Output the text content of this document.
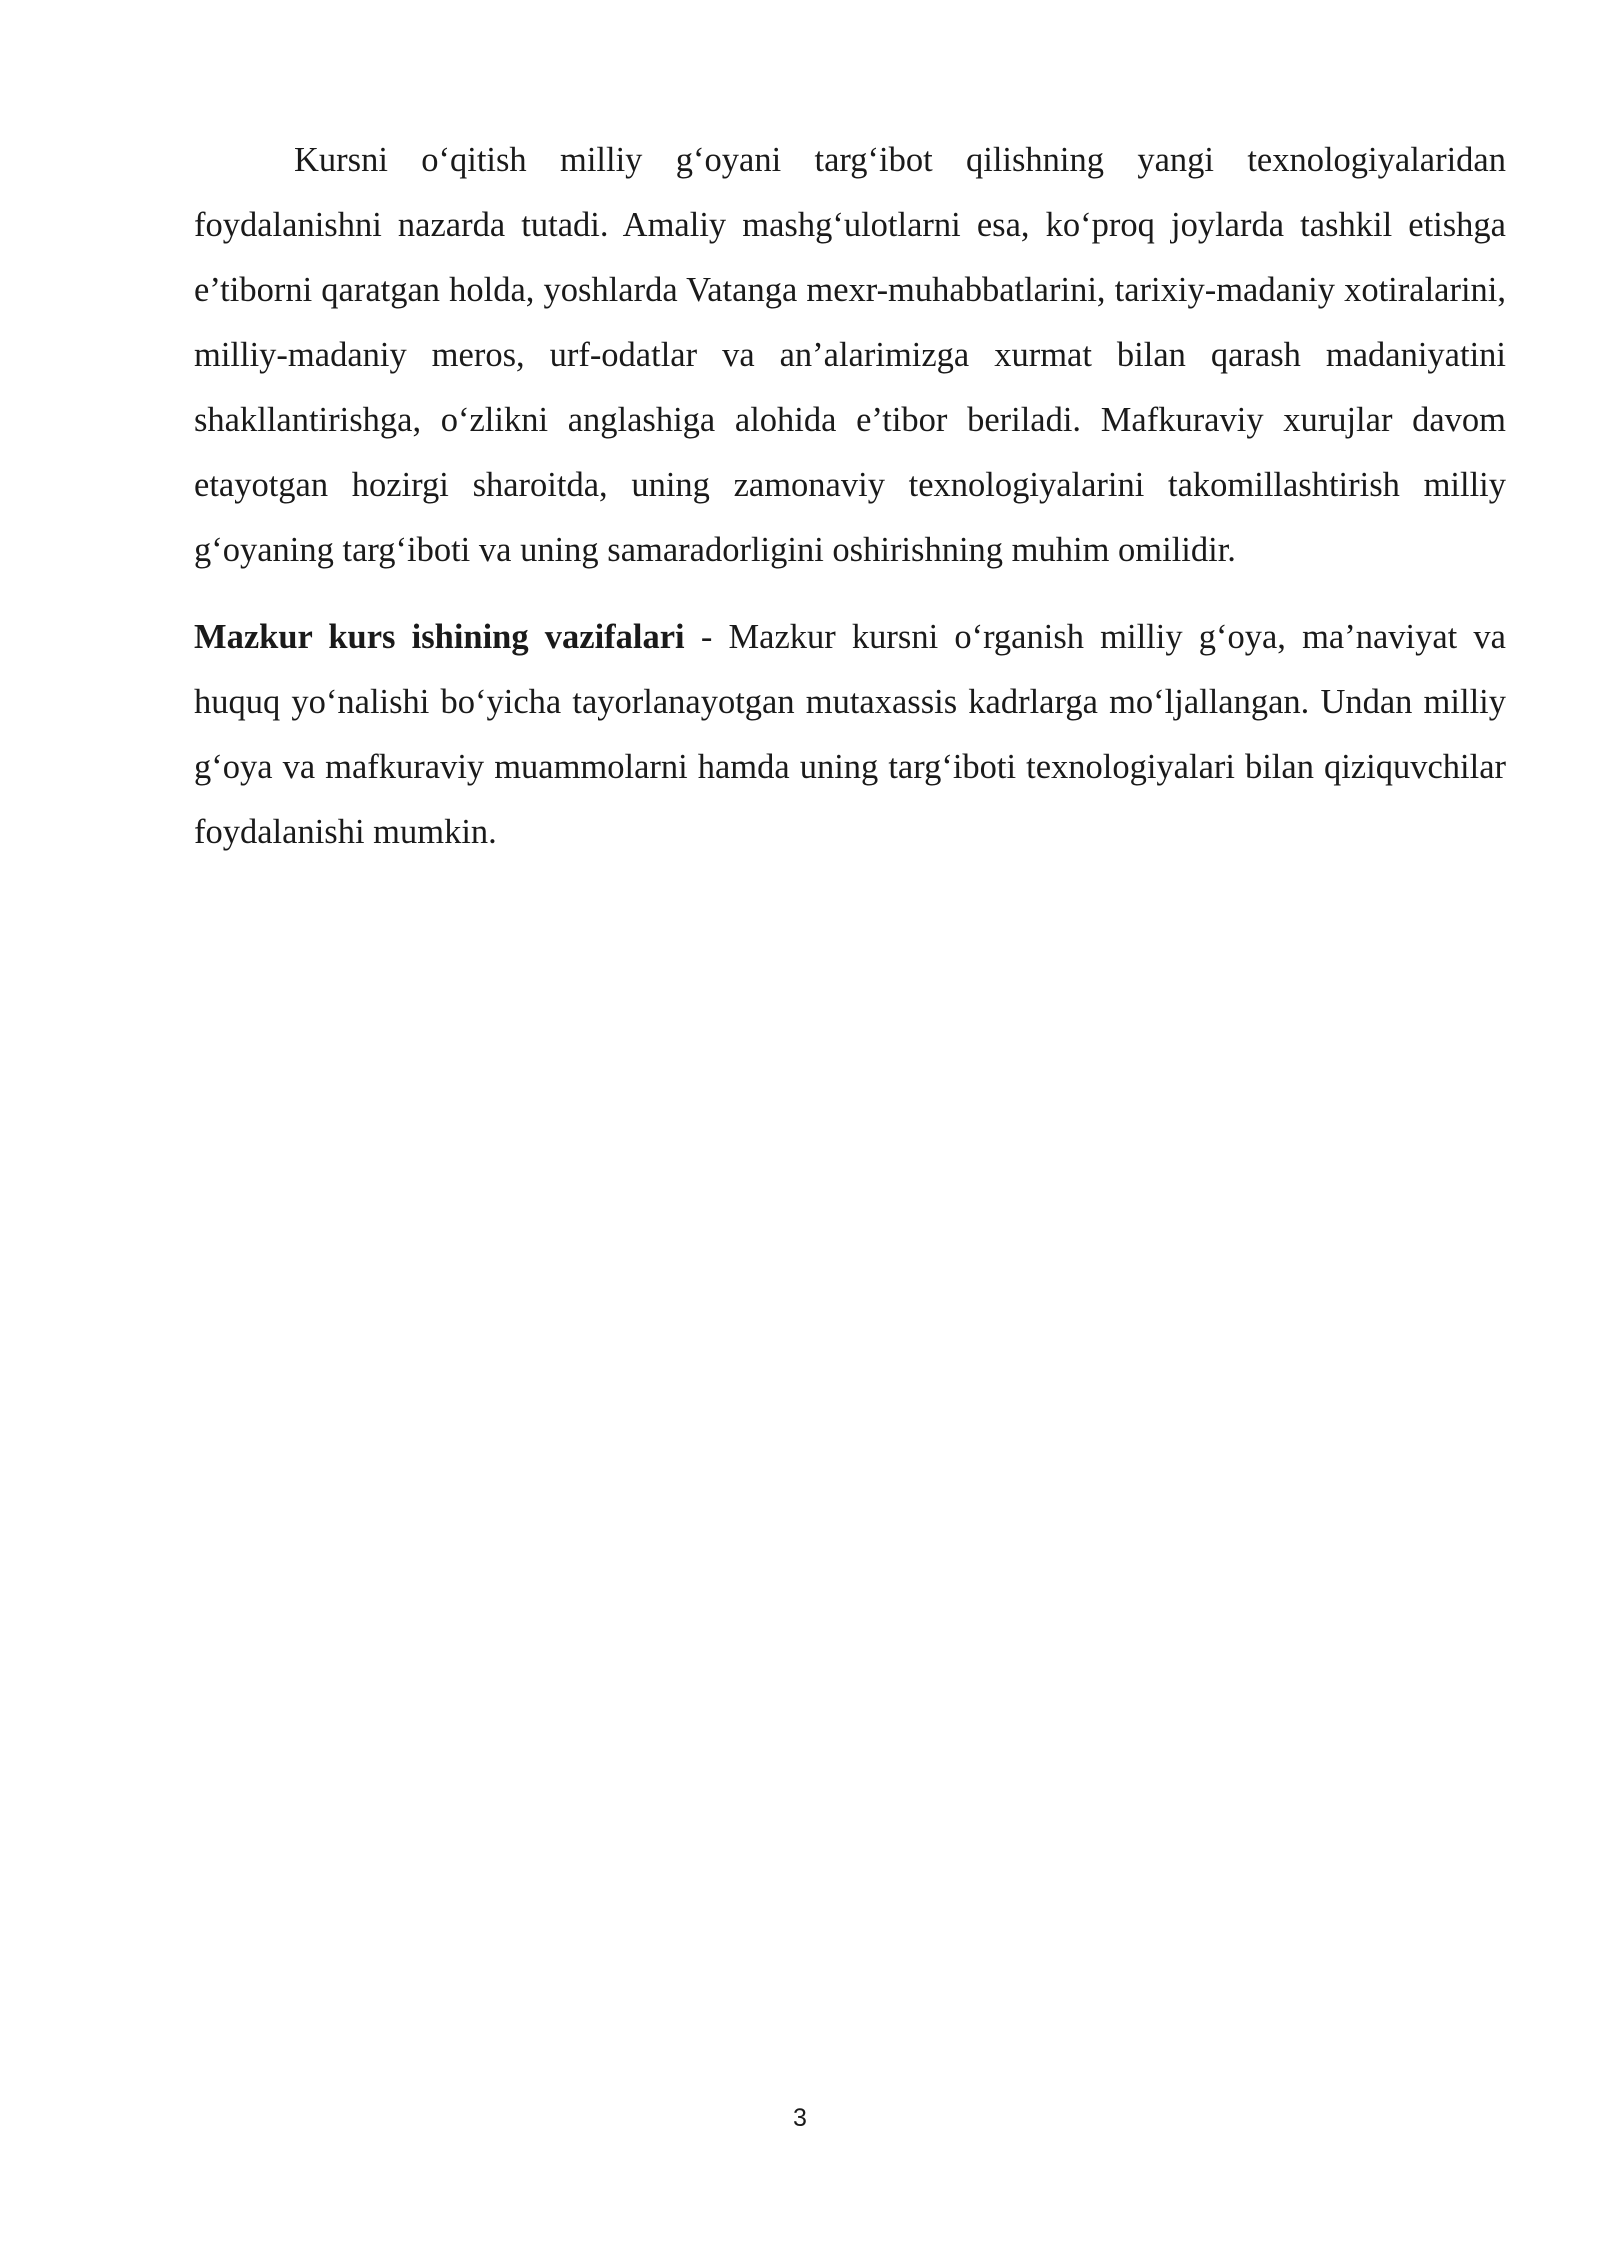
Kursni o‘qitish milliy g‘oyani targ‘ibot qilishning yangi texnologiyalaridan foydalanishni nazarda tutadi. Amaliy mashg‘ulotlarni esa, ko‘proq joylarda tashkil etishga e’tiborni qaratgan holda, yoshlarda Vatanga mexr-muhabbatlarini, tarixiy-madaniy xotiralarini, milliy-madaniy meros, urf-odatlar va an’alarimizga xurmat bilan qarash madaniyatini shakllantirishga, o‘zlikni anglashiga alohida e’tibor beriladi. Mafkuraviy xurujlar davom etayotgan hozirgi sharoitda, uning zamonaviy texnologiyalarini takomillashtirish milliy g‘oyaning targ‘iboti va uning samaradorligini oshirishning muhim omilidir.

Mazkur kurs ishining vazifalari - Mazkur kursni o‘rganish milliy g‘oya, ma’naviyat va huquq yo‘nalishi bo‘yicha tayorlanayotgan mutaxassis kadrlarga mo‘ljallangan. Undan milliy g‘oya va mafkuraviy muammolarni hamda uning targ‘iboti texnologiyalari bilan qiziquvchilar foydalanishi mumkin.

3
